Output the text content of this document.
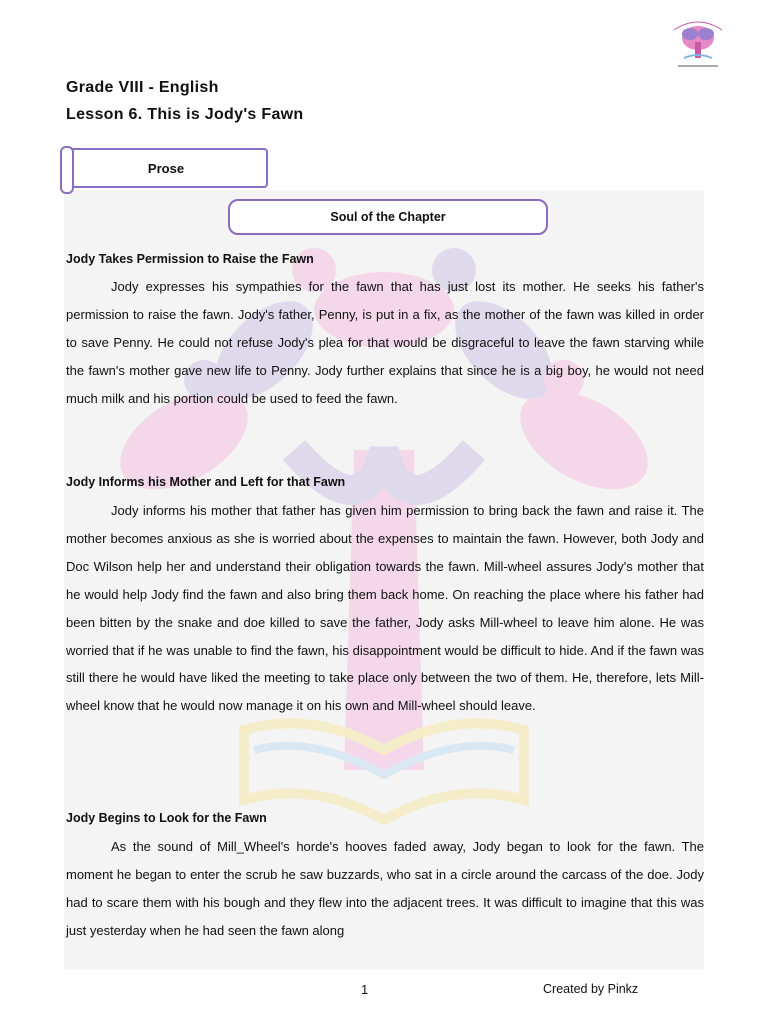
Grade VIII - English
Lesson 6. This is Jody's Fawn
Prose
Soul of the Chapter
Jody Takes Permission to Raise the Fawn

Jody expresses his sympathies for the fawn that has just lost its mother. He seeks his father's permission to raise the fawn. Jody's father, Penny, is put in a fix, as the mother of the fawn was killed in order to save Penny. He could not refuse Jody's plea for that would be disgraceful to leave the fawn starving while the fawn's mother gave new life to Penny. Jody further explains that since he is a big boy, he would not need much milk and his portion could be used to feed the fawn.

Jody Informs his Mother and Left for that Fawn

Jody informs his mother that father has given him permission to bring back the fawn and raise it. The mother becomes anxious as she is worried about the expenses to maintain the fawn. However, both Jody and Doc Wilson help her and understand their obligation towards the fawn. Mill-wheel assures Jody's mother that he would help Jody find the fawn and also bring them back home. On reaching the place where his father had been bitten by the snake and doe killed to save the father, Jody asks Mill-wheel to leave him alone. He was worried that if he was unable to find the fawn, his disappointment would be difficult to hide. And if the fawn was still there he would have liked the meeting to take place only between the two of them. He, therefore, lets Mill-wheel know that he would now manage it on his own and Mill-wheel should leave.

Jody Begins to Look for the Fawn

As the sound of Mill_Wheel's horde's hooves faded away, Jody began to look for the fawn. The moment he began to enter the scrub he saw buzzards, who sat in a circle around the carcass of the doe. Jody had to scare them with his bough and they flew into the adjacent trees. It was difficult to imagine that this was just yesterday when he had seen the fawn along

1	Created by Pinkz
